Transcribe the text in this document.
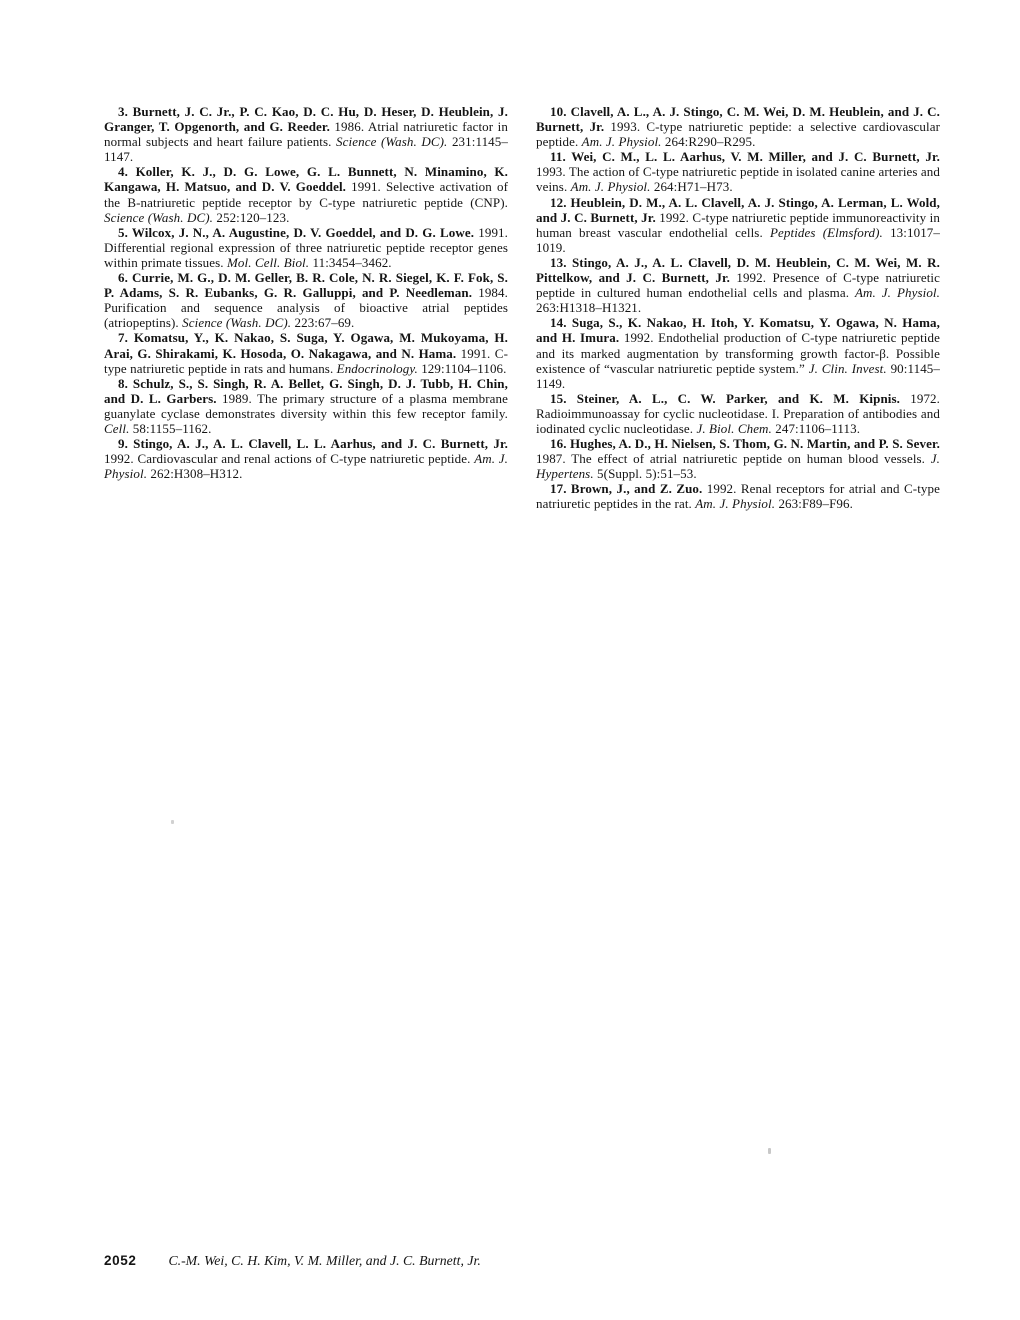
3. Burnett, J. C. Jr., P. C. Kao, D. C. Hu, D. Heser, D. Heublein, J. Granger, T. Opgenorth, and G. Reeder. 1986. Atrial natriuretic factor in normal subjects and heart failure patients. Science (Wash. DC). 231:1145–1147.

4. Koller, K. J., D. G. Lowe, G. L. Bunnett, N. Minamino, K. Kangawa, H. Matsuo, and D. V. Goeddel. 1991. Selective activation of the B-natriuretic peptide receptor by C-type natriuretic peptide (CNP). Science (Wash. DC). 252:120–123.

5. Wilcox, J. N., A. Augustine, D. V. Goeddel, and D. G. Lowe. 1991. Differential regional expression of three natriuretic peptide receptor genes within primate tissues. Mol. Cell. Biol. 11:3454–3462.

6. Currie, M. G., D. M. Geller, B. R. Cole, N. R. Siegel, K. F. Fok, S. P. Adams, S. R. Eubanks, G. R. Galluppi, and P. Needleman. 1984. Purification and sequence analysis of bioactive atrial peptides (atriopeptins). Science (Wash. DC). 223:67–69.

7. Komatsu, Y., K. Nakao, S. Suga, Y. Ogawa, M. Mukoyama, H. Arai, G. Shirakami, K. Hosoda, O. Nakagawa, and N. Hama. 1991. C-type natriuretic peptide in rats and humans. Endocrinology. 129:1104–1106.

8. Schulz, S., S. Singh, R. A. Bellet, G. Singh, D. J. Tubb, H. Chin, and D. L. Garbers. 1989. The primary structure of a plasma membrane guanylate cyclase demonstrates diversity within this few receptor family. Cell. 58:1155–1162.

9. Stingo, A. J., A. L. Clavell, L. L. Aarhus, and J. C. Burnett, Jr. 1992. Cardiovascular and renal actions of C-type natriuretic peptide. Am. J. Physiol. 262:H308–H312.

10. Clavell, A. L., A. J. Stingo, C. M. Wei, D. M. Heublein, and J. C. Burnett, Jr. 1993. C-type natriuretic peptide: a selective cardiovascular peptide. Am. J. Physiol. 264:R290–R295.

11. Wei, C. M., L. L. Aarhus, V. M. Miller, and J. C. Burnett, Jr. 1993. The action of C-type natriuretic peptide in isolated canine arteries and veins. Am. J. Physiol. 264:H71–H73.

12. Heublein, D. M., A. L. Clavell, A. J. Stingo, A. Lerman, L. Wold, and J. C. Burnett, Jr. 1992. C-type natriuretic peptide immunoreactivity in human breast vascular endothelial cells. Peptides (Elmsford). 13:1017–1019.

13. Stingo, A. J., A. L. Clavell, D. M. Heublein, C. M. Wei, M. R. Pittelkow, and J. C. Burnett, Jr. 1992. Presence of C-type natriuretic peptide in cultured human endothelial cells and plasma. Am. J. Physiol. 263:H1318–H1321.

14. Suga, S., K. Nakao, H. Itoh, Y. Komatsu, Y. Ogawa, N. Hama, and H. Imura. 1992. Endothelial production of C-type natriuretic peptide and its marked augmentation by transforming growth factor-β. Possible existence of “vascular natriuretic peptide system.” J. Clin. Invest. 90:1145–1149.

15. Steiner, A. L., C. W. Parker, and K. M. Kipnis. 1972. Radioimmunoassay for cyclic nucleotidase. I. Preparation of antibodies and iodinated cyclic nucleotidase. J. Biol. Chem. 247:1106–1113.

16. Hughes, A. D., H. Nielsen, S. Thom, G. N. Martin, and P. S. Sever. 1987. The effect of atrial natriuretic peptide on human blood vessels. J. Hypertens. 5(Suppl. 5):51–53.

17. Brown, J., and Z. Zuo. 1992. Renal receptors for atrial and C-type natriuretic peptides in the rat. Am. J. Physiol. 263:F89–F96.

2052 C.-M. Wei, C. H. Kim, V. M. Miller, and J. C. Burnett, Jr.
